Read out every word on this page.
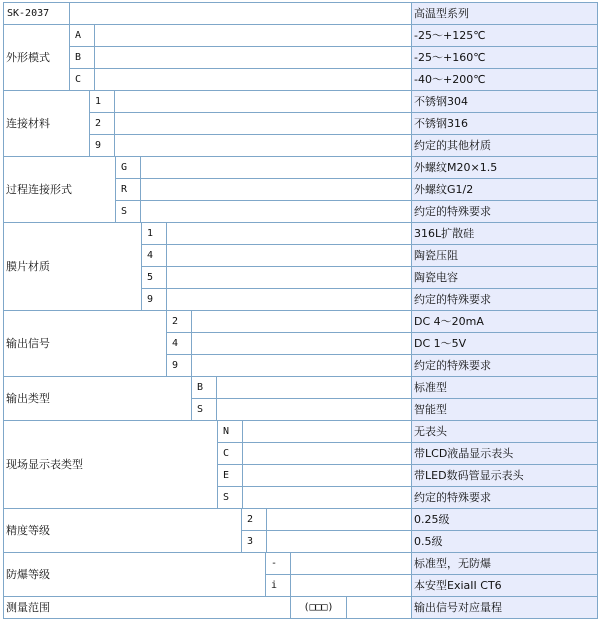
SK-2037													高温型系列
外形模式	A												-25～+125℃
	B												-25～+160℃
	C												-40～+200℃
连接材料		1											不锈钢304
		2											不锈钢316
		9											约定的其他材质
过程连接形式				G									外螺纹M20×1.5
				R									外螺纹G1/2
				S									约定的特殊要求
膜片材质					1								316L扩散硅
					4								陶瓷压阻
					5								陶瓷电容
					9								约定的特殊要求
输出信号						2							DC 4～20mA
						4							DC 1～5V
						9							约定的特殊要求
输出类型							B						标准型
							S						智能型
现场显示表类型								N					无表头
								C					带LCD液晶显示表头
								E					带LED数码管显示表头
								S					约定的特殊要求
精度等级									2				0.25级
									3				0.5级
防爆等级										-			标准型，无防爆
										i			本安型ExiaII CT6
测量范围											(□□□)		输出信号对应量程
